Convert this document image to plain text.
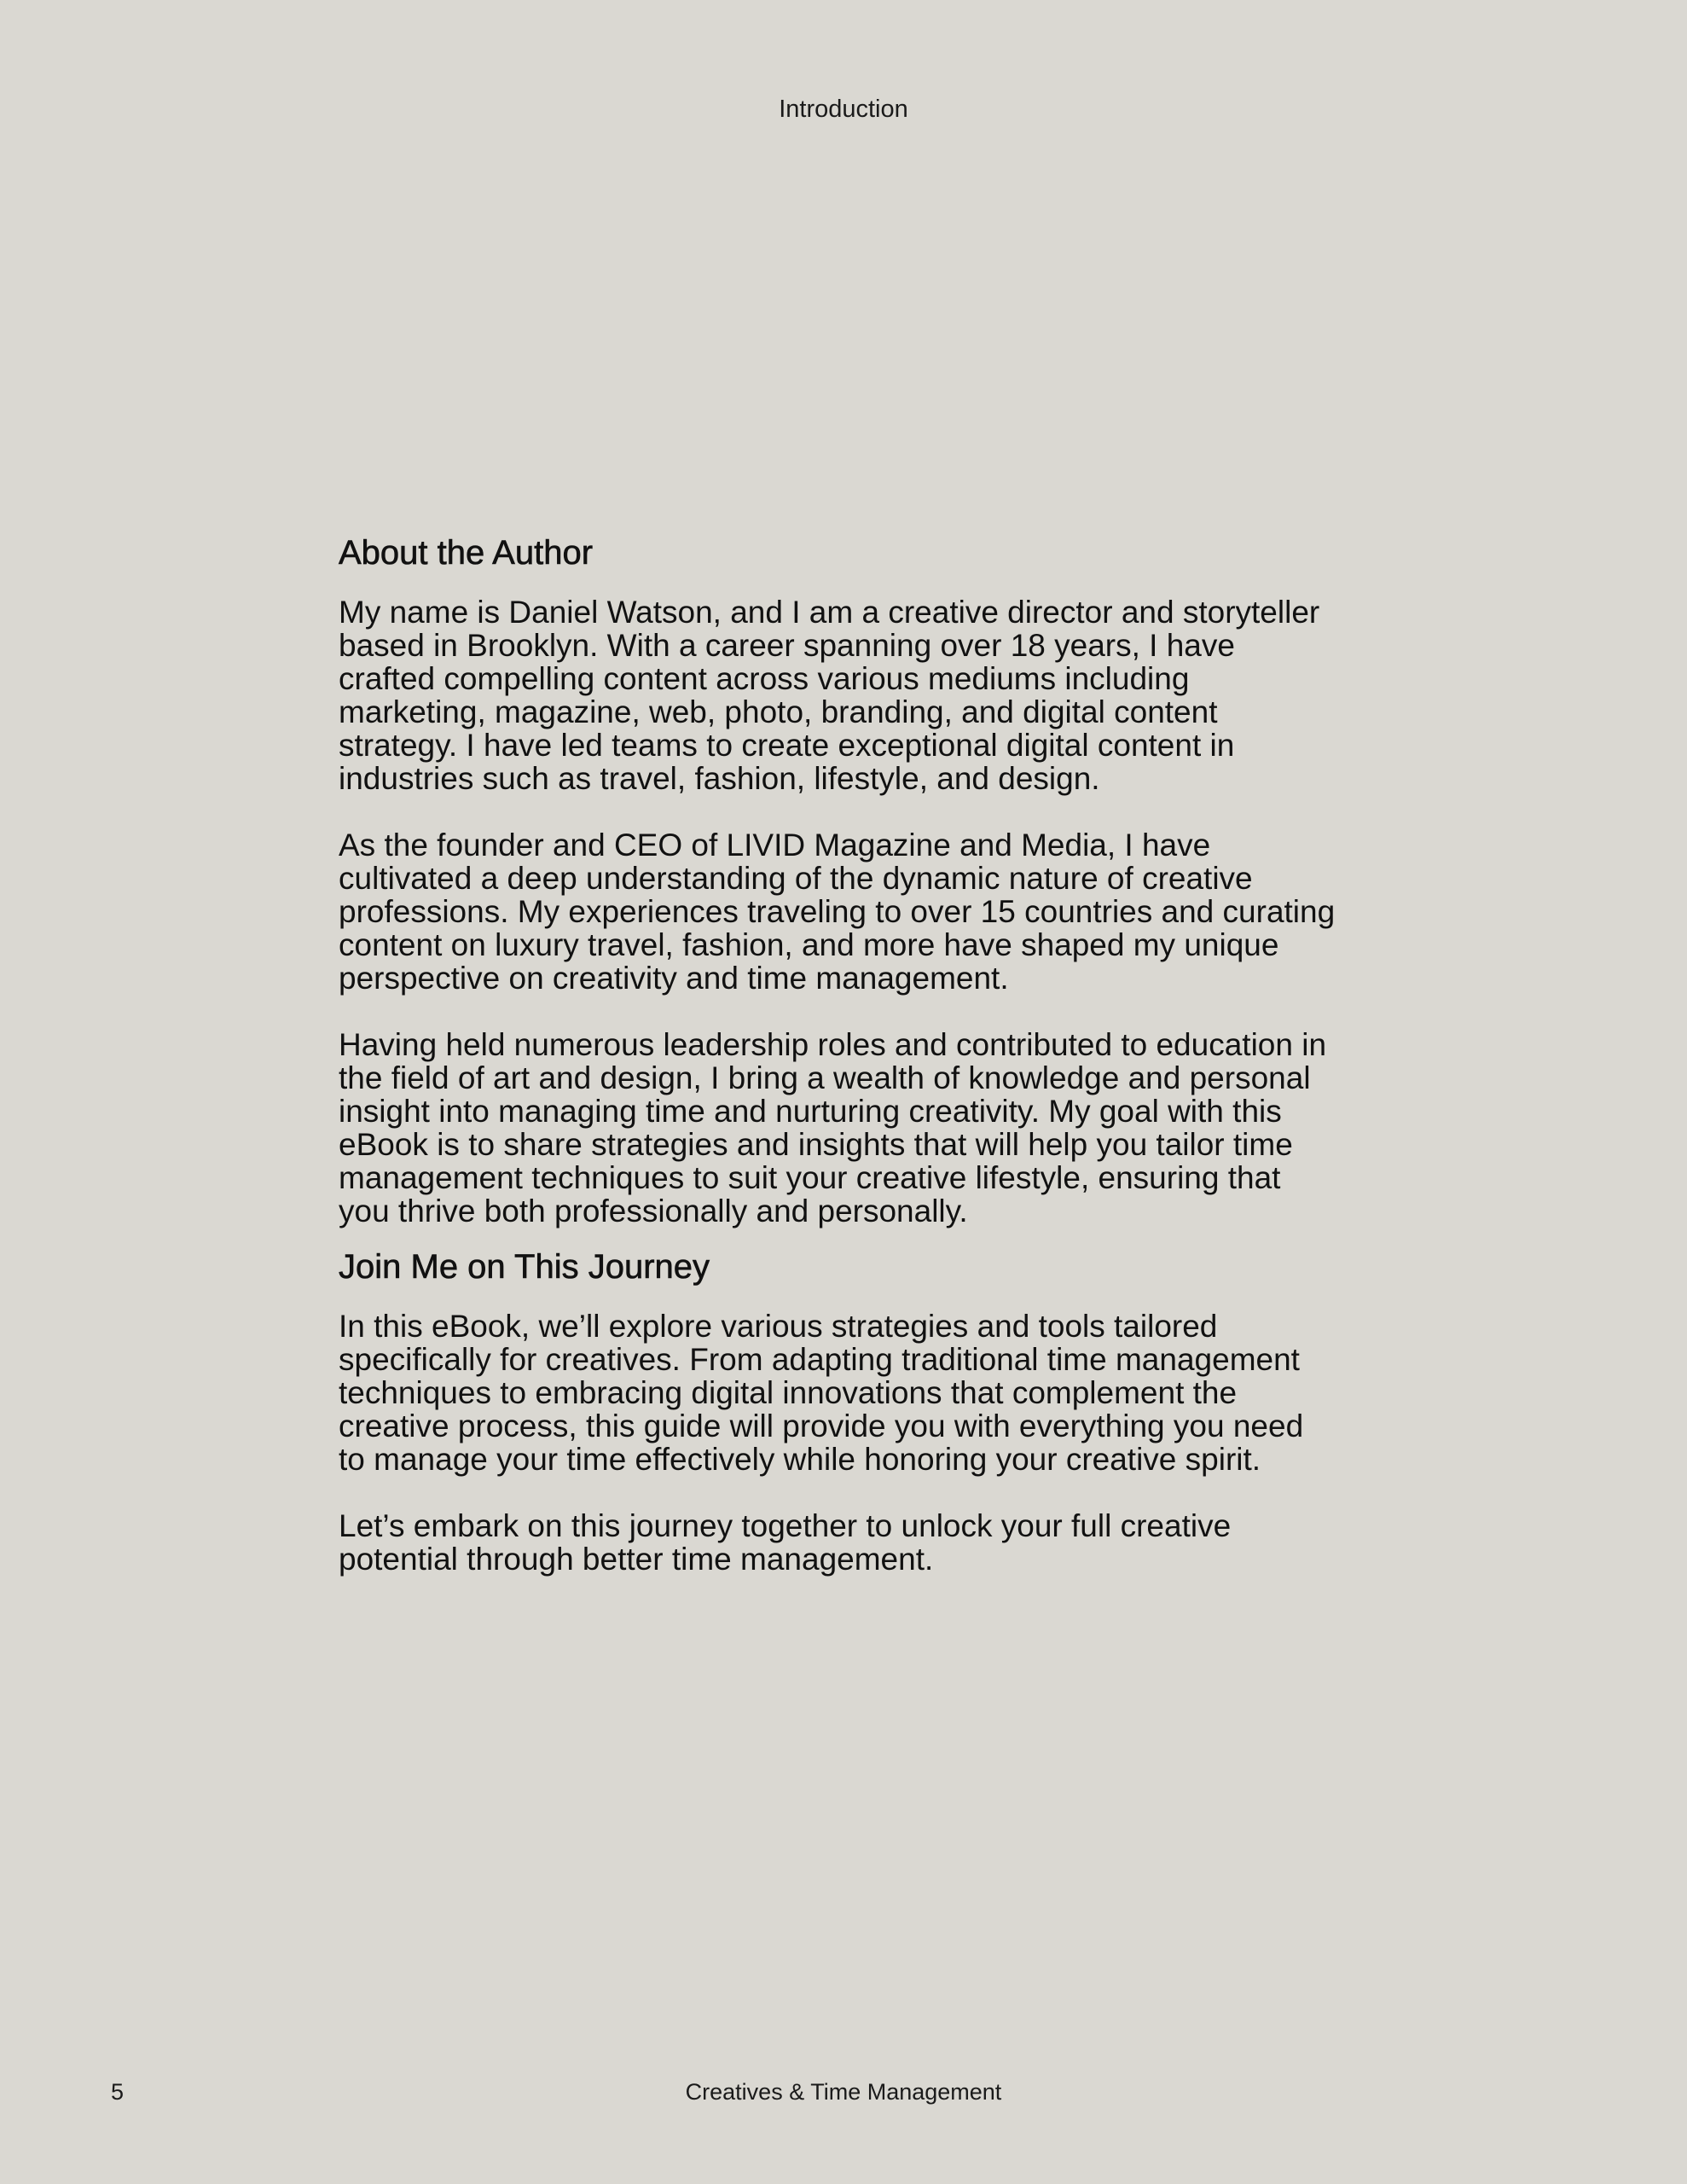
Introduction
About the Author

My name is Daniel Watson, and I am a creative director and storyteller based in Brooklyn. With a career spanning over 18 years, I have crafted compelling content across various mediums including marketing, magazine, web, photo, branding, and digital content strategy. I have led teams to create exceptional digital content in industries such as travel, fashion, lifestyle, and design.

As the founder and CEO of LIVID Magazine and Media, I have cultivated a deep understanding of the dynamic nature of creative professions. My experiences traveling to over 15 countries and curating content on luxury travel, fashion, and more have shaped my unique perspective on creativity and time management.

Having held numerous leadership roles and contributed to education in the field of art and design, I bring a wealth of knowledge and personal insight into managing time and nurturing creativity. My goal with this eBook is to share strategies and insights that will help you tailor time management techniques to suit your creative lifestyle, ensuring that you thrive both professionally and personally.

Join Me on This Journey

In this eBook, we’ll explore various strategies and tools tailored specifically for creatives. From adapting traditional time management techniques to embracing digital innovations that complement the creative process, this guide will provide you with everything you need to manage your time effectively while honoring your creative spirit.

Let’s embark on this journey together to unlock your full creative potential through better time management.

5	Creatives & Time Management
